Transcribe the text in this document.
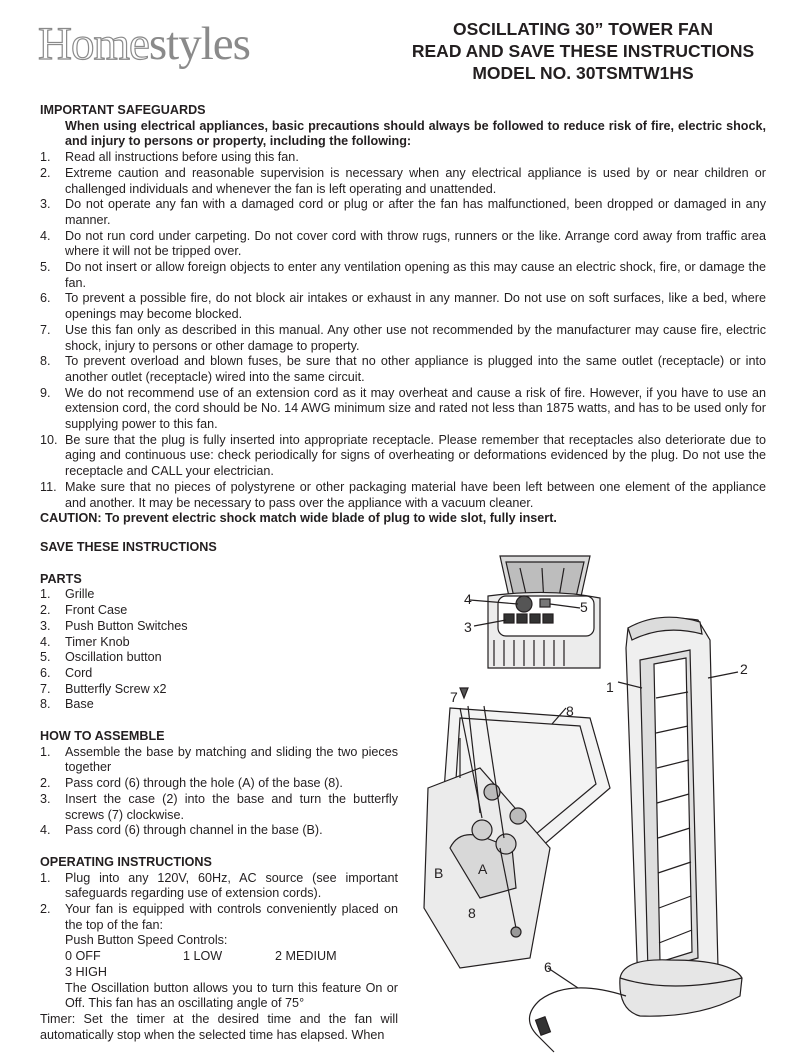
Homestyles	OSCILLATING 30” TOWER FAN
READ AND SAVE THESE INSTRUCTIONS
MODEL NO. 30TSMTW1HS
IMPORTANT SAFEGUARDS
When using electrical appliances, basic precautions should always be followed to reduce risk of fire, electric shock, and injury to persons or property, including the following:
1. Read all instructions before using this fan.
2. Extreme caution and reasonable supervision is necessary when any electrical appliance is used by or near children or challenged individuals and whenever the fan is left operating and unattended.
3. Do not operate any fan with a damaged cord or plug or after the fan has malfunctioned, been dropped or damaged in any manner.
4. Do not run cord under carpeting. Do not cover cord with throw rugs, runners or the like. Arrange cord away from traffic area where it will not be tripped over.
5. Do not insert or allow foreign objects to enter any ventilation opening as this may cause an electric shock, fire, or damage the fan.
6. To prevent a possible fire, do not block air intakes or exhaust in any manner. Do not use on soft surfaces, like a bed, where openings may become blocked.
7. Use this fan only as described in this manual. Any other use not recommended by the manufacturer may cause fire, electric shock, injury to persons or other damage to property.
8. To prevent overload and blown fuses, be sure that no other appliance is plugged into the same outlet (receptacle) or into another outlet (receptacle) wired into the same circuit.
9. We do not recommend use of an extension cord as it may overheat and cause a risk of fire. However, if you have to use an extension cord, the cord should be No. 14 AWG minimum size and rated not less than 1875 watts, and has to be used only for supplying power to this fan.
10. Be sure that the plug is fully inserted into appropriate receptacle. Please remember that receptacles also deteriorate due to aging and continuous use: check periodically for signs of overheating or deformations evidenced by the plug. Do not use the receptacle and CALL your electrician.
11. Make sure that no pieces of polystyrene or other packaging material have been left between one element of the appliance and another. It may be necessary to pass over the appliance with a vacuum cleaner.
CAUTION: To prevent electric shock match wide blade of plug to wide slot, fully insert.
SAVE THESE INSTRUCTIONS
PARTS
1. Grille
2. Front Case
3. Push Button Switches
4. Timer Knob
5. Oscillation button
6. Cord
7. Butterfly Screw x2
8. Base
HOW TO ASSEMBLE
1. Assemble the base by matching and sliding the two pieces together
2. Pass cord (6) through the hole (A) of the base (8).
3. Insert the case (2) into the base and turn the butterfly screws (7) clockwise.
4. Pass cord (6) through channel in the base (B).
OPERATING INSTRUCTIONS
1. Plug into any 120V, 60Hz, AC source (see important safeguards regarding use of extension cords).
2. Your fan is equipped with controls conveniently placed on the top of the fan:
Push Button Speed Controls:
0 OFF	1 LOW	2 MEDIUM
3 HIGH
The Oscillation button allows you to turn this feature On or Off. This fan has an oscillating angle of 75°
Timer: Set the timer at the desired time and the fan will automatically stop when the selected time has elapsed. When
4
3
5
1
2
7
8
A
B
8
6
